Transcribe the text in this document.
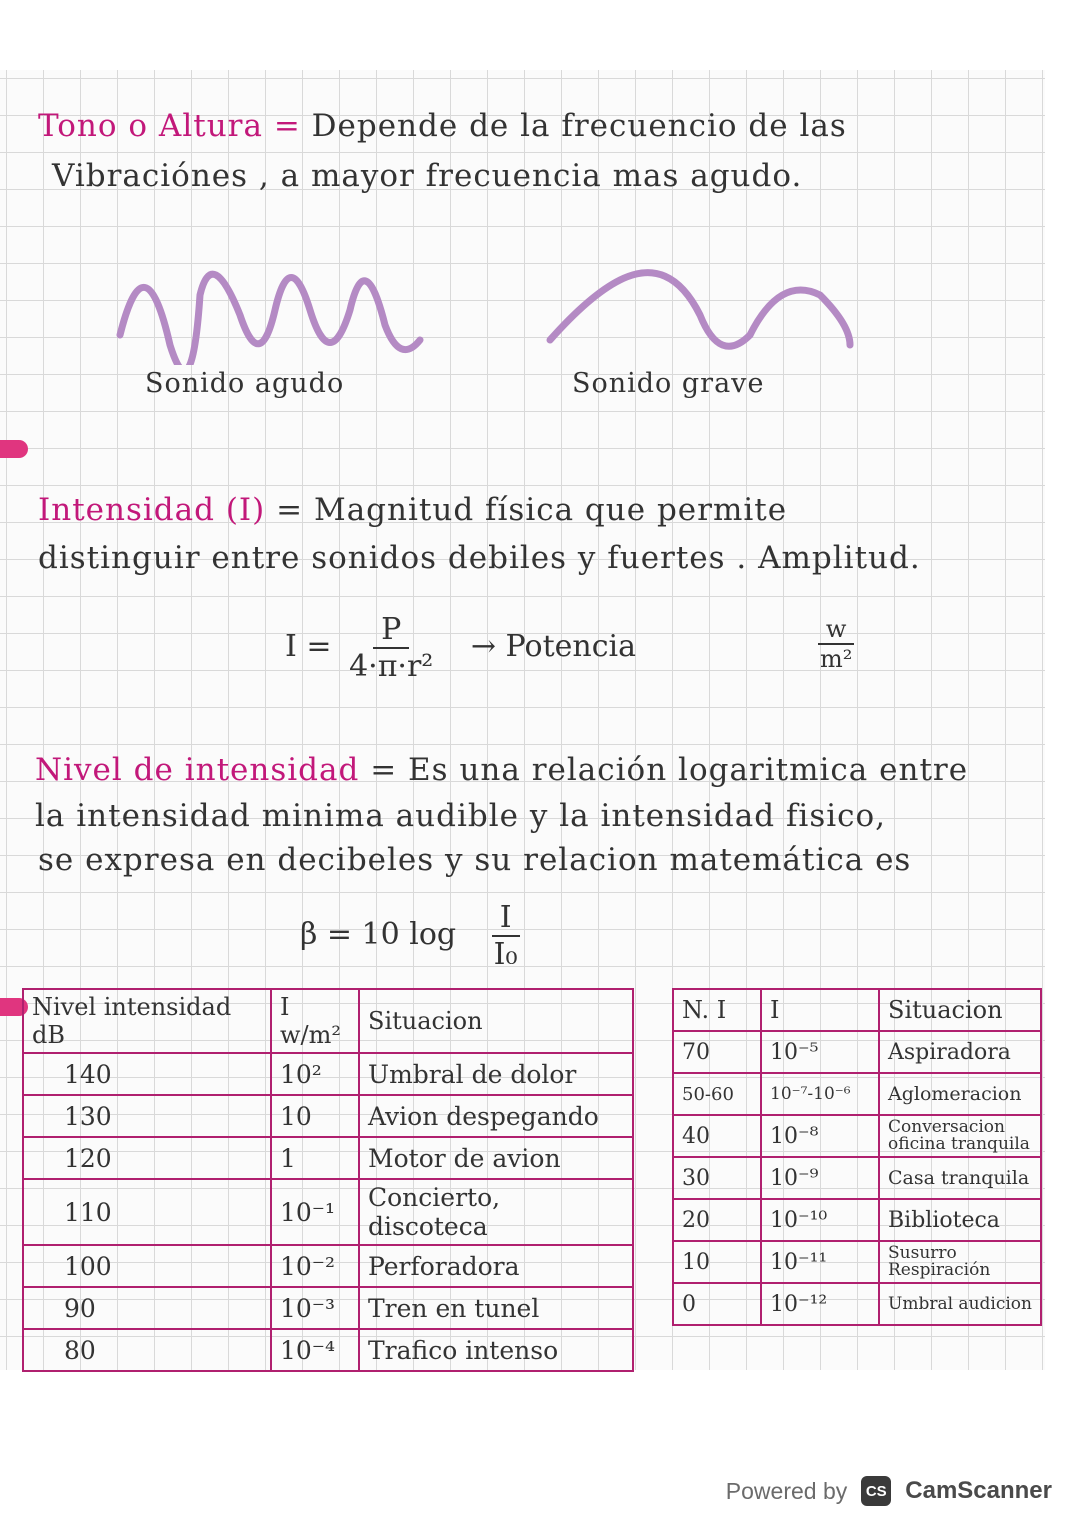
Tono o Altura = Depende de la frecuencio de las
Vibraciónes , a mayor frecuencia mas agudo.
Sonido agudo	Sonido grave
Intensidad (I) = Magnitud física que permite
distinguir entre sonidos debiles y fuertes . Amplitud.
$I = \frac{P}{\text{4·π·r²}}$ → Potencia	$\frac{w}{\text{m²}}$
Nivel de intensidad = Es una relación logaritmica entre
la intensidad minima audible y la intensidad fisico,
se expresa en decibeles y su relacion matemática es
β = 10 $\log \frac{I}{\text{I₀}}$
Nivel intensidad dB	I w/m²	Situacion
140	10²	Umbral de dolor
130	10	Avion despegando
120	1	Motor de avion
110	10⁻¹	Concierto, discoteca
100	10⁻²	Perforadora
90	10⁻³	Tren en tunel
80	10⁻⁴	Trafico intenso
N. I	I	Situacion
70	10⁻⁵	Aspiradora
50-60	10⁻⁷-10⁻⁶	Aglomeracion
40	10⁻⁸	Conversacion oficina tranquila
30	10⁻⁹	Casa tranquila
20	10⁻¹⁰	Biblioteca
10	10⁻¹¹	Susurro Respiración
0	10⁻¹²	Umbral audicion
Powered by	CS CamScanner
